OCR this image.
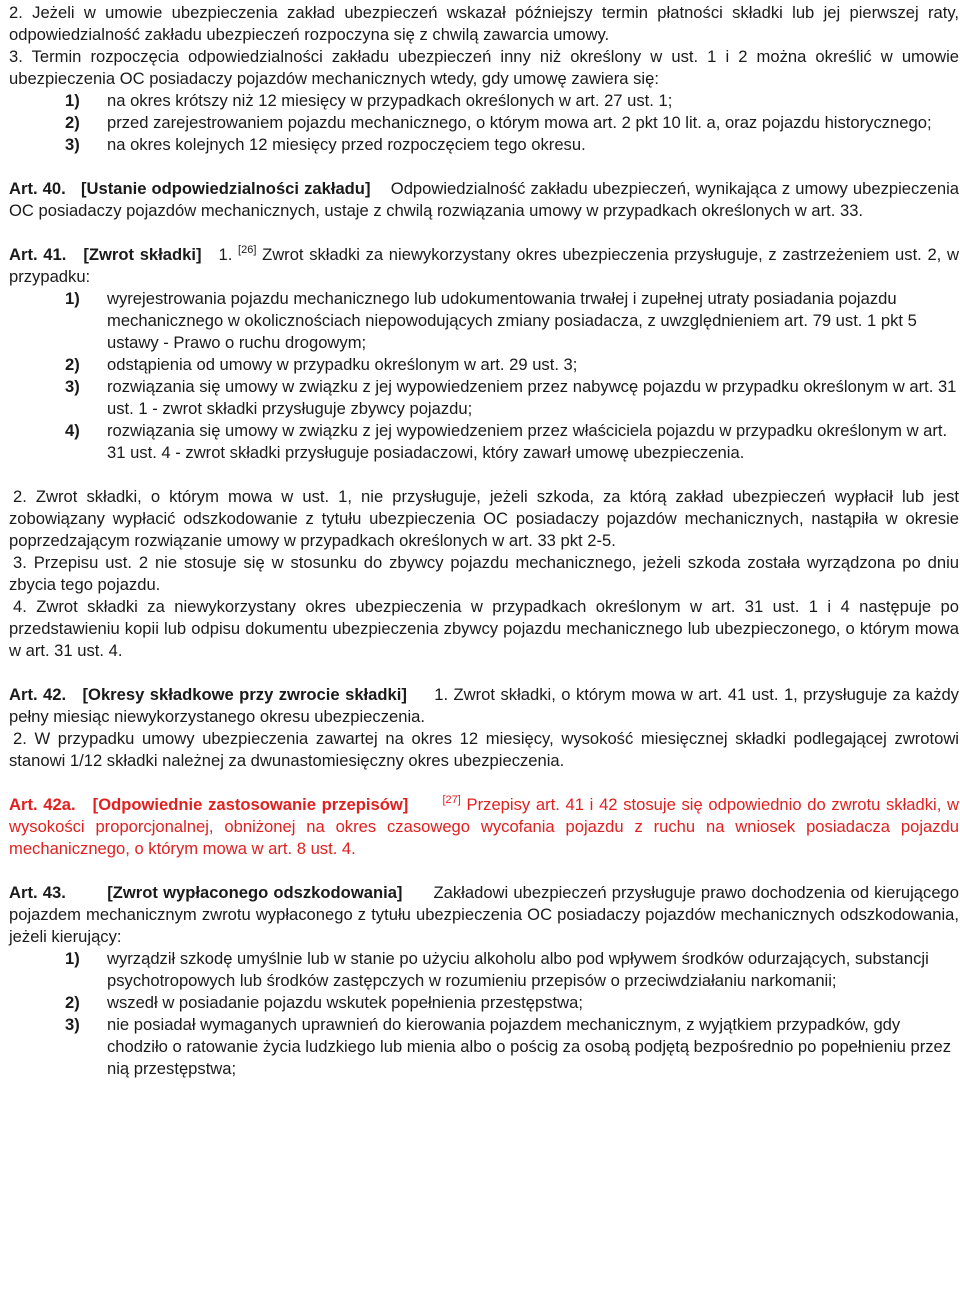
2. Jeżeli w umowie ubezpieczenia zakład ubezpieczeń wskazał późniejszy termin płatności składki lub jej pierwszej raty, odpowiedzialność zakładu ubezpieczeń rozpoczyna się z chwilą zawarcia umowy.

3. Termin rozpoczęcia odpowiedzialności zakładu ubezpieczeń inny niż określony w ust. 1 i 2 można określić w umowie ubezpieczenia OC posiadaczy pojazdów mechanicznych wtedy, gdy umowę zawiera się:

1)	na okres krótszy niż 12 miesięcy w przypadkach określonych w art. 27 ust. 1;
2)	przed zarejestrowaniem pojazdu mechanicznego, o którym mowa art. 2 pkt 10 lit. a, oraz pojazdu historycznego;
3)	na okres kolejnych 12 miesięcy przed rozpoczęciem tego okresu.

Art. 40. [Ustanie odpowiedzialności zakładu] Odpowiedzialność zakładu ubezpieczeń, wynikająca z umowy ubezpieczenia OC posiadaczy pojazdów mechanicznych, ustaje z chwilą rozwiązania umowy w przypadkach określonych w art. 33.

Art. 41. [Zwrot składki] 1. [26] Zwrot składki za niewykorzystany okres ubezpieczenia przysługuje, z zastrzeżeniem ust. 2, w przypadku:

1)	wyrejestrowania pojazdu mechanicznego lub udokumentowania trwałej i zupełnej utraty posiadania pojazdu mechanicznego w okolicznościach niepowodujących zmiany posiadacza, z uwzględnieniem art. 79 ust. 1 pkt 5 ustawy - Prawo o ruchu drogowym;
2)	odstąpienia od umowy w przypadku określonym w art. 29 ust. 3;
3)	rozwiązania się umowy w związku z jej wypowiedzeniem przez nabywcę pojazdu w przypadku określonym w art. 31 ust. 1 - zwrot składki przysługuje zbywcy pojazdu;
4)	rozwiązania się umowy w związku z jej wypowiedzeniem przez właściciela pojazdu w przypadku określonym w art. 31 ust. 4 - zwrot składki przysługuje posiadaczowi, który zawarł umowę ubezpieczenia.

2. Zwrot składki, o którym mowa w ust. 1, nie przysługuje, jeżeli szkoda, za którą zakład ubezpieczeń wypłacił lub jest zobowiązany wypłacić odszkodowanie z tytułu ubezpieczenia OC posiadaczy pojazdów mechanicznych, nastąpiła w okresie poprzedzającym rozwiązanie umowy w przypadkach określonych w art. 33 pkt 2-5.

3. Przepisu ust. 2 nie stosuje się w stosunku do zbywcy pojazdu mechanicznego, jeżeli szkoda została wyrządzona po dniu zbycia tego pojazdu.

4. Zwrot składki za niewykorzystany okres ubezpieczenia w przypadkach określonym w art. 31 ust. 1 i 4 następuje po przedstawieniu kopii lub odpisu dokumentu ubezpieczenia zbywcy pojazdu mechanicznego lub ubezpieczonego, o którym mowa w art. 31 ust. 4.

Art. 42. [Okresy składkowe przy zwrocie składki] 1. Zwrot składki, o którym mowa w art. 41 ust. 1, przysługuje za każdy pełny miesiąc niewykorzystanego okresu ubezpieczenia.

2. W przypadku umowy ubezpieczenia zawartej na okres 12 miesięcy, wysokość miesięcznej składki podlegającej zwrotowi stanowi 1/12 składki należnej za dwunastomiesięczny okres ubezpieczenia.

Art. 42a. [Odpowiednie zastosowanie przepisów]	[27] Przepisy art. 41 i 42 stosuje się odpowiednio do zwrotu składki, w wysokości proporcjonalnej, obniżonej na okres czasowego wycofania pojazdu z ruchu na wniosek posiadacza pojazdu mechanicznego, o którym mowa w art. 8 ust. 4.

Art. 43. [Zwrot wypłaconego odszkodowania] Zakładowi ubezpieczeń przysługuje prawo dochodzenia od kierującego pojazdem mechanicznym zwrotu wypłaconego z tytułu ubezpieczenia OC posiadaczy pojazdów mechanicznych odszkodowania, jeżeli kierujący:

1)	wyrządził szkodę umyślnie lub w stanie po użyciu alkoholu albo pod wpływem środków odurzających, substancji psychotropowych lub środków zastępczych w rozumieniu przepisów o przeciwdziałaniu narkomanii;
2)	wszedł w posiadanie pojazdu wskutek popełnienia przestępstwa;
3)	nie posiadał wymaganych uprawnień do kierowania pojazdem mechanicznym, z wyjątkiem przypadków, gdy chodziło o ratowanie życia ludzkiego lub mienia albo o pościg za osobą podjętą bezpośrednio po popełnieniu przez nią przestępstwa;
